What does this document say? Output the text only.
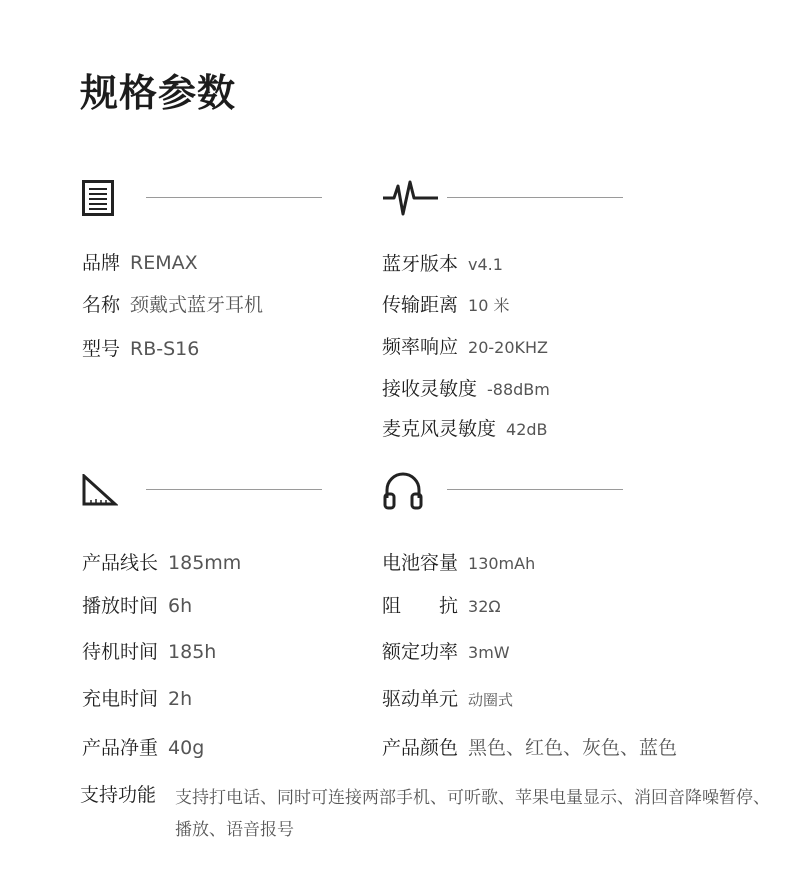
规格参数
品牌 REMAX
名称 颈戴式蓝牙耳机
型号 RB-S16
蓝牙版本 v4.1
传输距离 10 米
频率响应 20-20KHZ
接收灵敏度 -88dBm
麦克风灵敏度 42dB
产品线长 185mm
播放时间 6h
待机时间 185h
充电时间 2h
产品净重 40g
电池容量 130mAh
阻　　抗 32Ω
额定功率 3mW
驱动单元 动圈式
产品颜色 黑色、红色、灰色、蓝色
支持功能 支持打电话、同时可连接两部手机、可听歌、苹果电量显示、消回音降噪暂停、播放、语音报号
